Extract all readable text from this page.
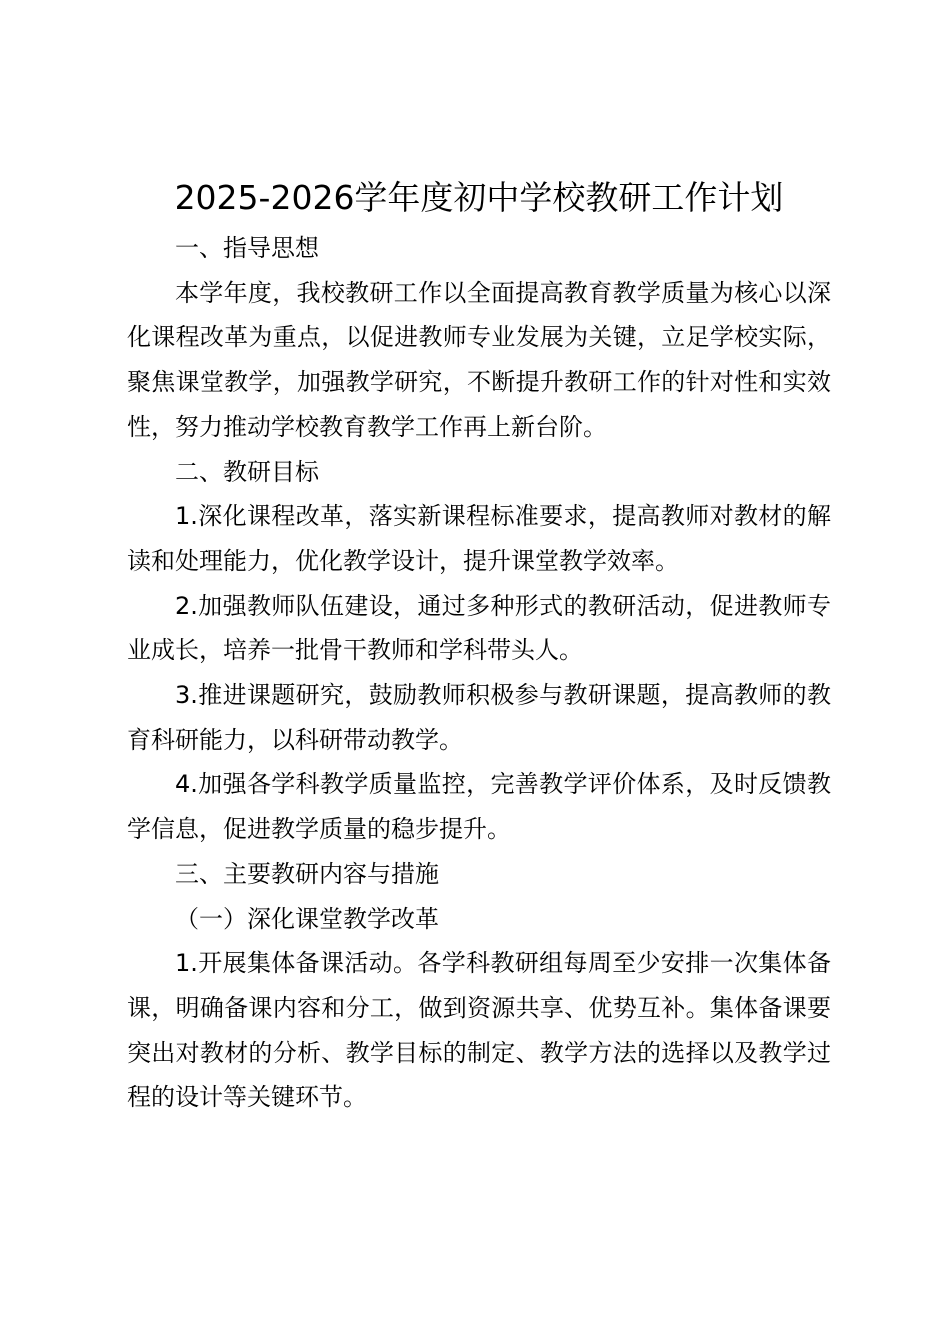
2025-2026学年度初中学校教研工作计划
一、指导思想
本学年度，我校教研工作以全面提高教育教学质量为核心以深化课程改革为重点，以促进教师专业发展为关键，立足学校实际，聚焦课堂教学，加强教学研究，不断提升教研工作的针对性和实效性，努力推动学校教育教学工作再上新台阶。
二、教研目标
1.深化课程改革，落实新课程标准要求，提高教师对教材的解读和处理能力，优化教学设计，提升课堂教学效率。
2.加强教师队伍建设，通过多种形式的教研活动，促进教师专业成长，培养一批骨干教师和学科带头人。
3.推进课题研究，鼓励教师积极参与教研课题，提高教师的教育科研能力，以科研带动教学。
4.加强各学科教学质量监控，完善教学评价体系，及时反馈教学信息，促进教学质量的稳步提升。
三、主要教研内容与措施
（一）深化课堂教学改革
1.开展集体备课活动。各学科教研组每周至少安排一次集体备课，明确备课内容和分工，做到资源共享、优势互补。集体备课要突出对教材的分析、教学目标的制定、教学方法的选择以及教学过程的设计等关键环节。
